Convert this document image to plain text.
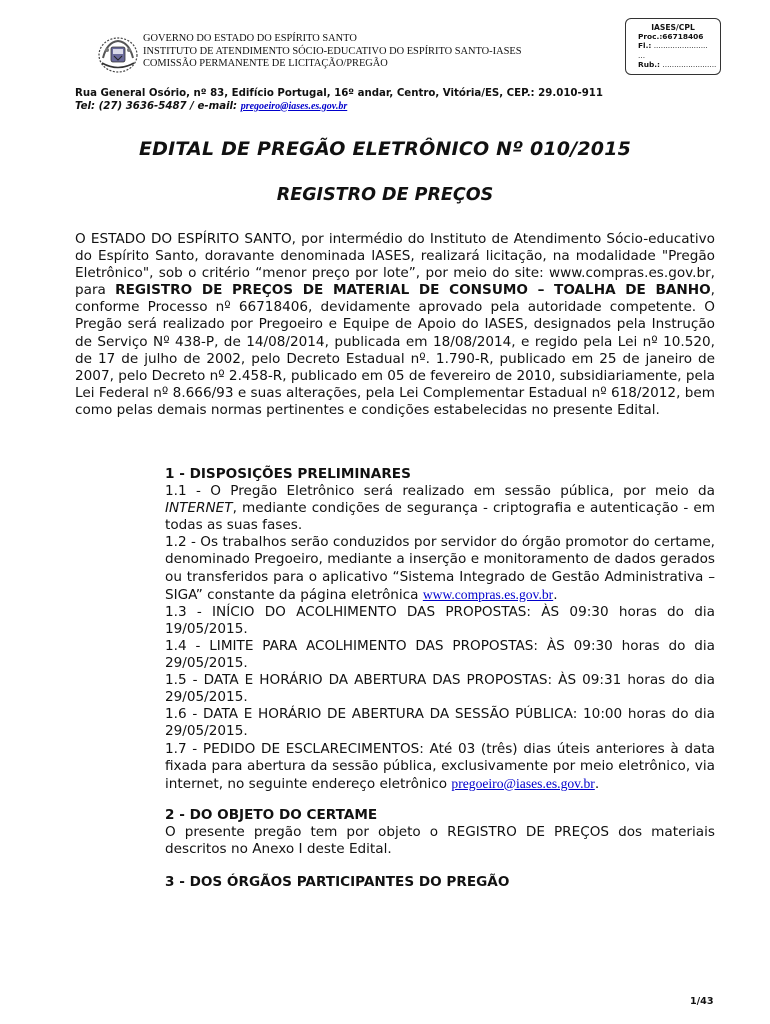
GOVERNO DO ESTADO DO ESPÍRITO SANTO
INSTITUTO DE ATENDIMENTO SÓCIO-EDUCATIVO DO ESPÍRITO SANTO-IASES
COMISSÃO PERMANENTE DE LICITAÇÃO/PREGÃO
IASES/CPL
Proc.:66718406
Fl.: .......................
...
Rub.: .......................
Rua General Osório, nº 83, Edifício Portugal, 16º andar, Centro, Vitória/ES, CEP.: 29.010-911
Tel: (27) 3636-5487 / e-mail: pregoeiro@iases.es.gov.br
EDITAL DE PREGÃO ELETRÔNICO Nº 010/2015
REGISTRO DE PREÇOS
O ESTADO DO ESPÍRITO SANTO, por intermédio do Instituto de Atendimento Sócio-educativo do Espírito Santo, doravante denominada IASES, realizará licitação, na modalidade "Pregão Eletrônico", sob o critério “menor preço por lote”, por meio do site: www.compras.es.gov.br, para REGISTRO DE PREÇOS DE MATERIAL DE CONSUMO – TOALHA DE BANHO, conforme Processo nº 66718406, devidamente aprovado pela autoridade competente. O Pregão será realizado por Pregoeiro e Equipe de Apoio do IASES, designados pela Instrução de Serviço Nº 438-P, de 14/08/2014, publicada em 18/08/2014, e regido pela Lei nº 10.520, de 17 de julho de 2002, pelo Decreto Estadual nº. 1.790-R, publicado em 25 de janeiro de 2007, pelo Decreto nº 2.458-R, publicado em 05 de fevereiro de 2010, subsidiariamente, pela Lei Federal nº 8.666/93 e suas alterações, pela Lei Complementar Estadual nº 618/2012, bem como pelas demais normas pertinentes e condições estabelecidas no presente Edital.

1 - DISPOSIÇÕES PRELIMINARES

1.1 - O Pregão Eletrônico será realizado em sessão pública, por meio da INTERNET, mediante condições de segurança - criptografia e autenticação - em todas as suas fases.

1.2 - Os trabalhos serão conduzidos por servidor do órgão promotor do certame, denominado Pregoeiro, mediante a inserção e monitoramento de dados gerados ou transferidos para o aplicativo “Sistema Integrado de Gestão Administrativa – SIGA” constante da página eletrônica www.compras.es.gov.br.

1.3 - INÍCIO DO ACOLHIMENTO DAS PROPOSTAS: ÀS 09:30 horas do dia 19/05/2015.

1.4 - LIMITE PARA ACOLHIMENTO DAS PROPOSTAS: ÀS 09:30 horas do dia 29/05/2015.

1.5 - DATA E HORÁRIO DA ABERTURA DAS PROPOSTAS: ÀS 09:31 horas do dia 29/05/2015.

1.6 - DATA E HORÁRIO DE ABERTURA DA SESSÃO PÚBLICA: 10:00 horas do dia 29/05/2015.

1.7 - PEDIDO DE ESCLARECIMENTOS: Até 03 (três) dias úteis anteriores à data fixada para abertura da sessão pública, exclusivamente por meio eletrônico, via internet, no seguinte endereço eletrônico pregoeiro@iases.es.gov.br.

2 - DO OBJETO DO CERTAME

O presente pregão tem por objeto o REGISTRO DE PREÇOS dos materiais descritos no Anexo I deste Edital.

3 - DOS ÓRGÃOS PARTICIPANTES DO PREGÃO

1/43
